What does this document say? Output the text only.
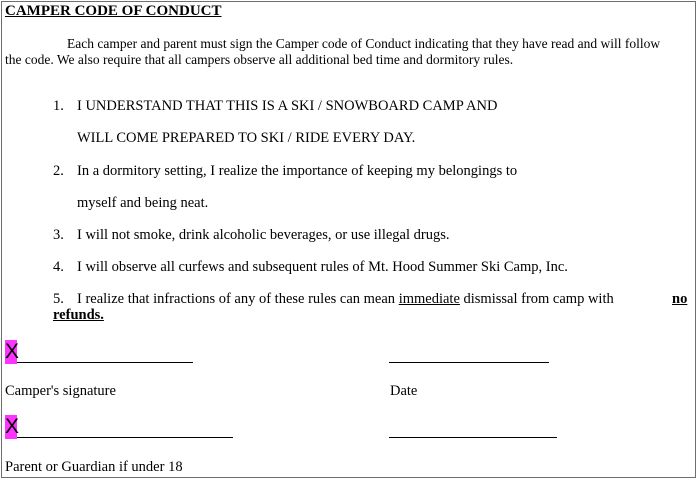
CAMPER CODE OF CONDUCT
Each camper and parent must sign the Camper code of Conduct indicating that they have read and will follow the code. We also require that all campers observe all additional bed time and dormitory rules.
1. I UNDERSTAND THAT THIS IS A SKI / SNOWBOARD CAMP AND
WILL COME PREPARED TO SKI / RIDE EVERY DAY.
2. In a dormitory setting, I realize the importance of keeping my belongings to
myself and being neat.
3. I will not smoke, drink alcoholic beverages, or use illegal drugs.
4. I will observe all curfews and subsequent rules of Mt. Hood Summer Ski Camp, Inc.
5. I realize that infractions of any of these rules can mean immediate dismissal from camp with	no
refunds.
X
Camper's signature	Date
X
Parent or Guardian if under 18
